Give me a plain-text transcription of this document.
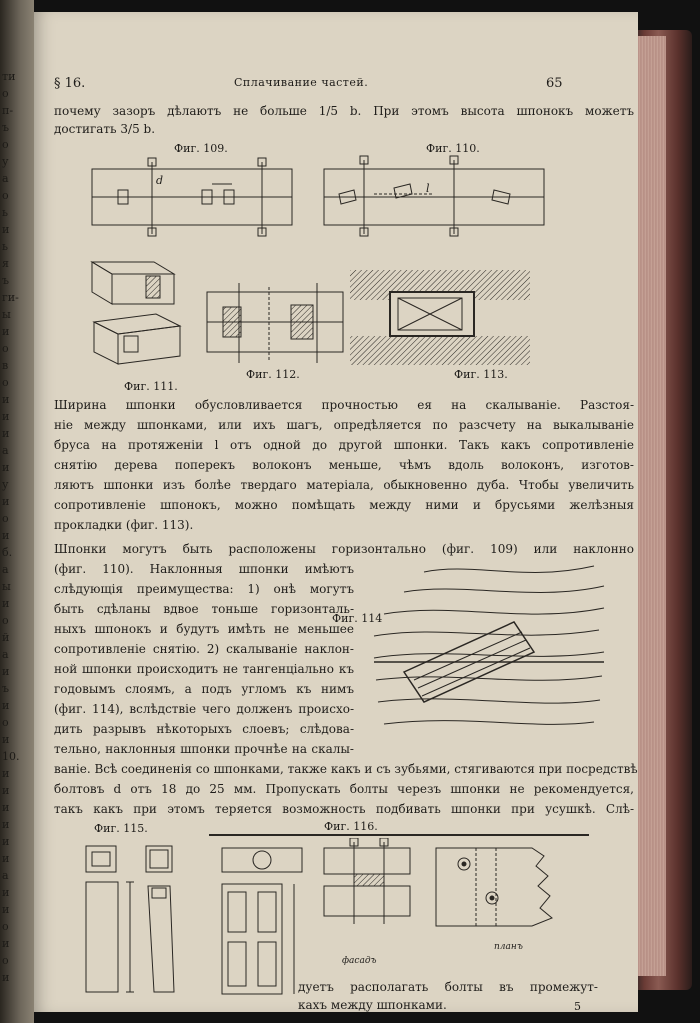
ти
о
п-
ъ
о
у
а
о
ь
и
ь
я
ъ
ги-
ы
и
о
в
о
и
и
и
а
и
у
и
о
и
б.
а
ы
и
о
й
а
и
ъ
и
о
и
10.
и
и
и
и
и
и
а
и
и
о
и
о
и
§ 16.	Сплачивание частей.	65
почему зазоръ дѣлаютъ не больше 1/5 b. При этомъ высота шпонокъ можетъ
достигать 3/5 b.
Фиг. 109.
d
Фиг. 110.
l
Фиг. 111.
Фиг. 112.	Фиг. 113.
Ширина шпонки обусловливается прочностью ея на скалываніе. Разстоя-
ніе между шпонками, или ихъ шагъ, опредѣляется по разсчету на выкалываніе
бруса на протяженіи l отъ одной до другой шпонки. Такъ какъ сопротивленіе
снятію дерева поперекъ волоконъ меньше, чѣмъ вдоль волоконъ, изготов-
ляютъ шпонки изъ болѣе твердаго матеріала, обыкновенно дуба. Чтобы увеличить
сопротивленіе шпонокъ, можно помѣщать между ними и брусьями желѣзныя
прокладки (фиг. 113).
Шпонки могутъ быть расположены горизонтально (фиг. 109) или наклонно
(фиг. 110). Наклонныя шпонки имѣютъ
слѣдующія преимущества: 1) онѣ могутъ
быть сдѣланы вдвое тоньше горизонталь-
ныхъ шпонокъ и будутъ имѣть не меньшее
сопротивленіе снятію. 2) скалываніе наклон-
ной шпонки происходитъ не тангенціально къ
годовымъ слоямъ, а подъ угломъ къ нимъ
(фиг. 114), вслѣдствіе чего долженъ происхо-
дить разрывъ нѣкоторыхъ слоевъ; слѣдова-
тельно, наклонныя шпонки прочнѣе на скалы-
Фиг. 114
ваніе. Всѣ соединенія со шпонками, также какъ и съ зубьями, стягиваются при посредствѣ
болтовъ d отъ 18 до 25 мм. Пропускать болты черезъ шпонки не рекомендуется,
такъ какъ при этомъ теряется возможность подбивать шпонки при усушкѣ. Слѣ-
Фиг. 115.	Фиг. 116.
фасадъ
планъ
дуетъ располагать болты въ промежут-
кахъ между шпонками.	5
